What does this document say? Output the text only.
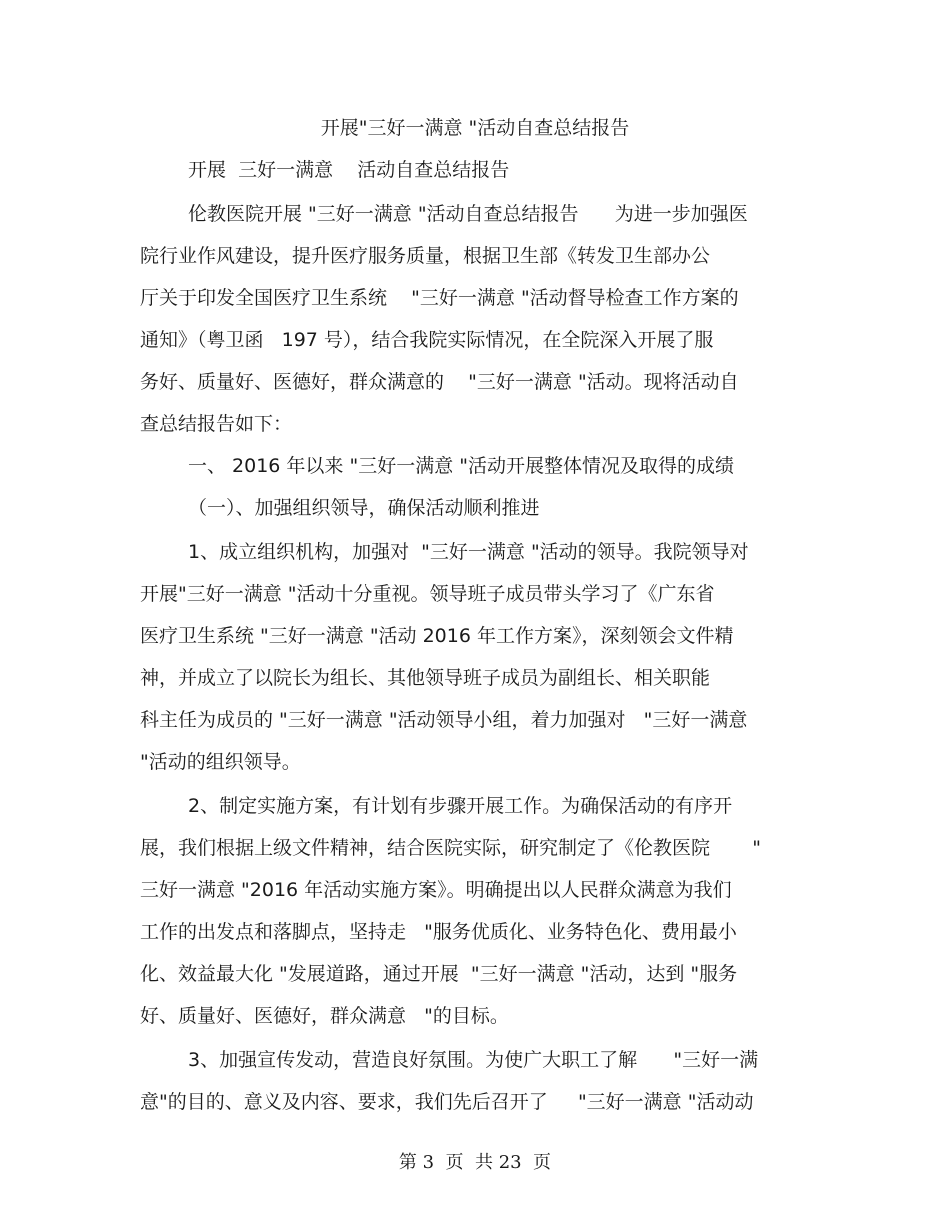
开展"三好一满意 "活动自查总结报告
开展  三好一满意    活动自查总结报告
伦教医院开展 "三好一满意 "活动自查总结报告      为进一步加强医
院行业作风建设，提升医疗服务质量，根据卫生部《转发卫生部办公
厅关于印发全国医疗卫生系统    "三好一满意 "活动督导检查工作方案的
通知》（粤卫函   197 号），结合我院实际情况，在全院深入开展了服
务好、质量好、医德好，群众满意的    "三好一满意 "活动。现将活动自
查总结报告如下：
一、 2016 年以来 "三好一满意 "活动开展整体情况及取得的成绩
（一）、加强组织领导，确保活动顺利推进
1、成立组织机构，加强对  "三好一满意 "活动的领导。我院领导对
开展"三好一满意 "活动十分重视。领导班子成员带头学习了《广东省
医疗卫生系统 "三好一满意 "活动 2016 年工作方案》，深刻领会文件精
神，并成立了以院长为组长、其他领导班子成员为副组长、相关职能
科主任为成员的 "三好一满意 "活动领导小组，着力加强对   "三好一满意
"活动的组织领导。
2、制定实施方案，有计划有步骤开展工作。为确保活动的有序开
展，我们根据上级文件精神，结合医院实际，研究制定了《伦教医院       "
三好一满意 "2016 年活动实施方案》。明确提出以人民群众满意为我们
工作的出发点和落脚点，坚持走   "服务优质化、业务特色化、费用最小
化、效益最大化 "发展道路，通过开展  "三好一满意 "活动，达到 "服务
好、质量好、医德好，群众满意   "的目标。
3、加强宣传发动，营造良好氛围。为使广大职工了解      "三好一满
意"的目的、意义及内容、要求，我们先后召开了     "三好一满意 "活动动
第 3  页  共 23  页
